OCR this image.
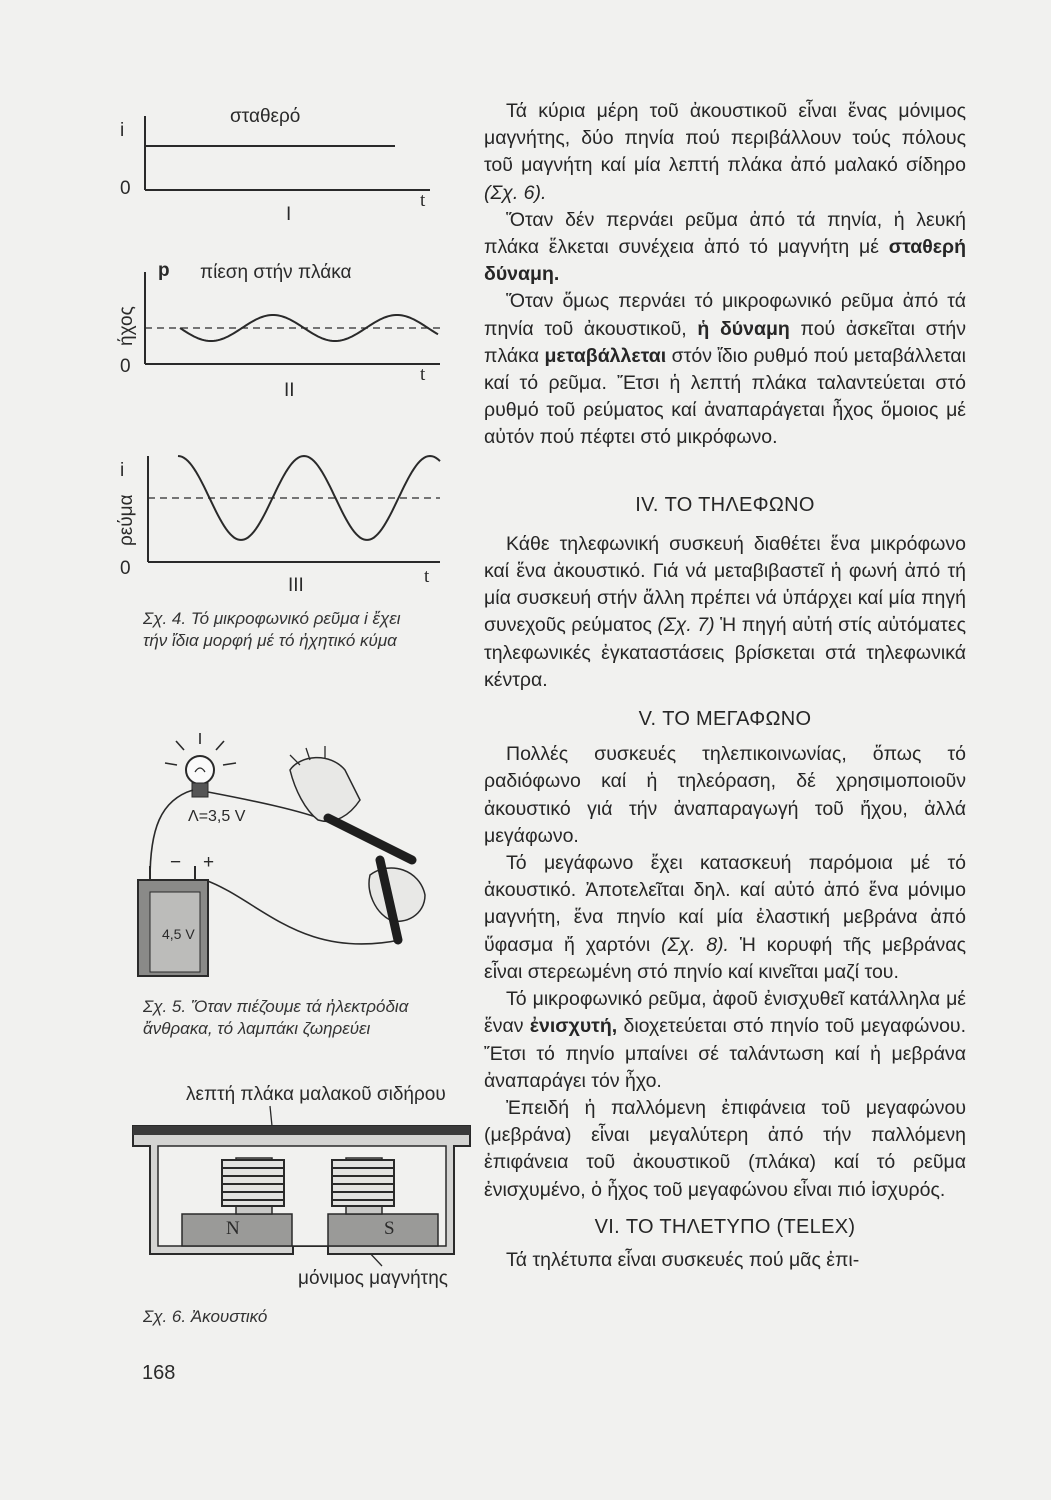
i
0
σταθερό
t
I
p πίεση στήν πλάκα
ήχος
0	t
II
i
ρεύμα
0	t
III
Σχ. 4. Τό μικροφωνικό ρεῦμα i ἔχει
τήν ἴδια μορφή μέ τό ἠχητικό κύμα
Λ=3,5 V
− +
4,5 V
Σχ. 5. Ὅταν πιέζουμε τά ἠλεκτρόδια
ἄνθρακα, τό λαμπάκι ζωηρεύει
λεπτή πλάκα μαλακοῦ σιδήρου
μόνιμος μαγνήτης
N	S
Σχ. 6. Ἀκουστικό
168

Τά κύρια μέρη τοῦ ἀκουστικοῦ εἶναι ἕνας μόνιμος μαγνήτης, δύο πηνία πού περιβάλλουν τούς πόλους τοῦ μαγνήτη καί μία λεπτή πλάκα ἀπό μαλακό σίδηρο (Σχ. 6).

Ὅταν δέν περνάει ρεῦμα ἀπό τά πηνία, ἡ λευκή πλάκα ἕλκεται συνέχεια ἀπό τό μαγνήτη μέ σταθερή δύναμη.

Ὅταν ὅμως περνάει τό μικροφωνικό ρεῦμα ἀπό τά πηνία τοῦ ἀκουστικοῦ, ἡ δύναμη πού ἀσκεῖται στήν πλάκα μεταβάλλεται στόν ἴδιο ρυθμό πού μεταβάλλεται καί τό ρεῦμα. Ἔτσι ἡ λεπτή πλάκα ταλαντεύεται στό ρυθμό τοῦ ρεύματος καί ἀναπαράγεται ἦχος ὅμοιος μέ αὐτόν πού πέφτει στό μικρόφωνο.

IV. ΤΟ ΤΗΛΕΦΩΝΟ

Κάθε τηλεφωνική συσκευή διαθέτει ἕνα μικρόφωνο καί ἕνα ἀκουστικό. Γιά νά μεταβιβαστεῖ ἡ φωνή ἀπό τή μία συσκευή στήν ἄλλη πρέπει νά ὑπάρχει καί μία πηγή συνεχοῦς ρεύματος (Σχ. 7) Ἡ πηγή αὐτή στίς αὐτόματες τηλεφωνικές ἐγκαταστάσεις βρίσκεται στά τηλεφωνικά κέντρα.

V. ΤΟ ΜΕΓΑΦΩΝΟ

Πολλές συσκευές τηλεπικοινωνίας, ὅπως τό ραδιόφωνο καί ἡ τηλεόραση, δέ χρησιμοποιοῦν ἀκουστικό γιά τήν ἀναπαραγωγή τοῦ ἤχου, ἀλλά μεγάφωνο.

Τό μεγάφωνο ἔχει κατασκευή παρόμοια μέ τό ἀκουστικό. Ἀποτελεῖται δηλ. καί αὐτό ἀπό ἕνα μόνιμο μαγνήτη, ἕνα πηνίο καί μία ἐλαστική μεβράνα ἀπό ὕφασμα ἤ χαρτόνι (Σχ. 8). Ἡ κορυφή τῆς μεβράνας εἶναι στερεωμένη στό πηνίο καί κινεῖται μαζί του.

Τό μικροφωνικό ρεῦμα, ἀφοῦ ἐνισχυθεῖ κατάλληλα μέ ἕναν ἐνισχυτή, διοχετεύεται στό πηνίο τοῦ μεγαφώνου. Ἔτσι τό πηνίο μπαίνει σέ ταλάντωση καί ἡ μεβράνα ἀναπαράγει τόν ἦχο.

Ἐπειδή ἡ παλλόμενη ἐπιφάνεια τοῦ μεγαφώνου (μεβράνα) εἶναι μεγαλύτερη ἀπό τήν παλλόμενη ἐπιφάνεια τοῦ ἀκουστικοῦ (πλάκα) καί τό ρεῦμα ἐνισχυμένο, ὁ ἦχος τοῦ μεγαφώνου εἶναι πιό ἰσχυρός.

VI. ΤΟ ΤΗΛΕΤΥΠΟ (TELEX)

Τά τηλέτυπα εἶναι συσκευές πού μᾶς ἐπι-
